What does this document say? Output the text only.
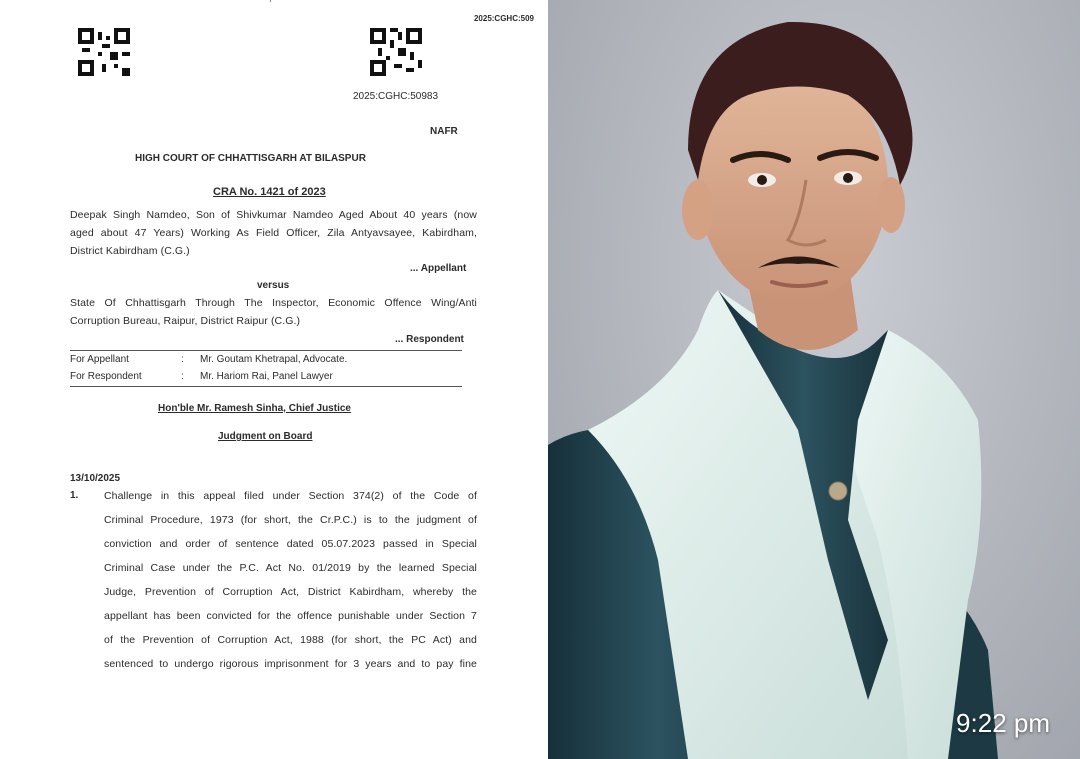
2025:CGHC:509
2025:CGHC:50983
NAFR
HIGH COURT OF CHHATTISGARH AT BILASPUR
CRA No. 1421 of 2023
Deepak Singh Namdeo, Son of Shivkumar Namdeo Aged About 40 years (now
aged about 47 Years) Working As Field Officer, Zila Antyavsayee, Kabirdham,
District Kabirdham (C.G.)
... Appellant
versus
State Of Chhattisgarh Through The Inspector, Economic Offence Wing/Anti
Corruption Bureau, Raipur, District Raipur (C.G.)
... Respondent
For Appellant	: Mr. Goutam Khetrapal, Advocate.
For Respondent	: Mr. Hariom Rai, Panel Lawyer
Hon'ble Mr. Ramesh Sinha, Chief Justice
Judgment on Board
13/10/2025
1. Challenge in this appeal filed under Section 374(2) of the Code of
Criminal Procedure, 1973 (for short, the Cr.P.C.) is to the judgment of
conviction and order of sentence dated 05.07.2023 passed in Special
Criminal Case under the P.C. Act No. 01/2019 by the learned Special
Judge, Prevention of Corruption Act, District Kabirdham, whereby the
appellant has been convicted for the offence punishable under Section 7
of the Prevention of Corruption Act, 1988 (for short, the PC Act) and
sentenced to undergo rigorous imprisonment for 3 years and to pay fine
9:22 pm
